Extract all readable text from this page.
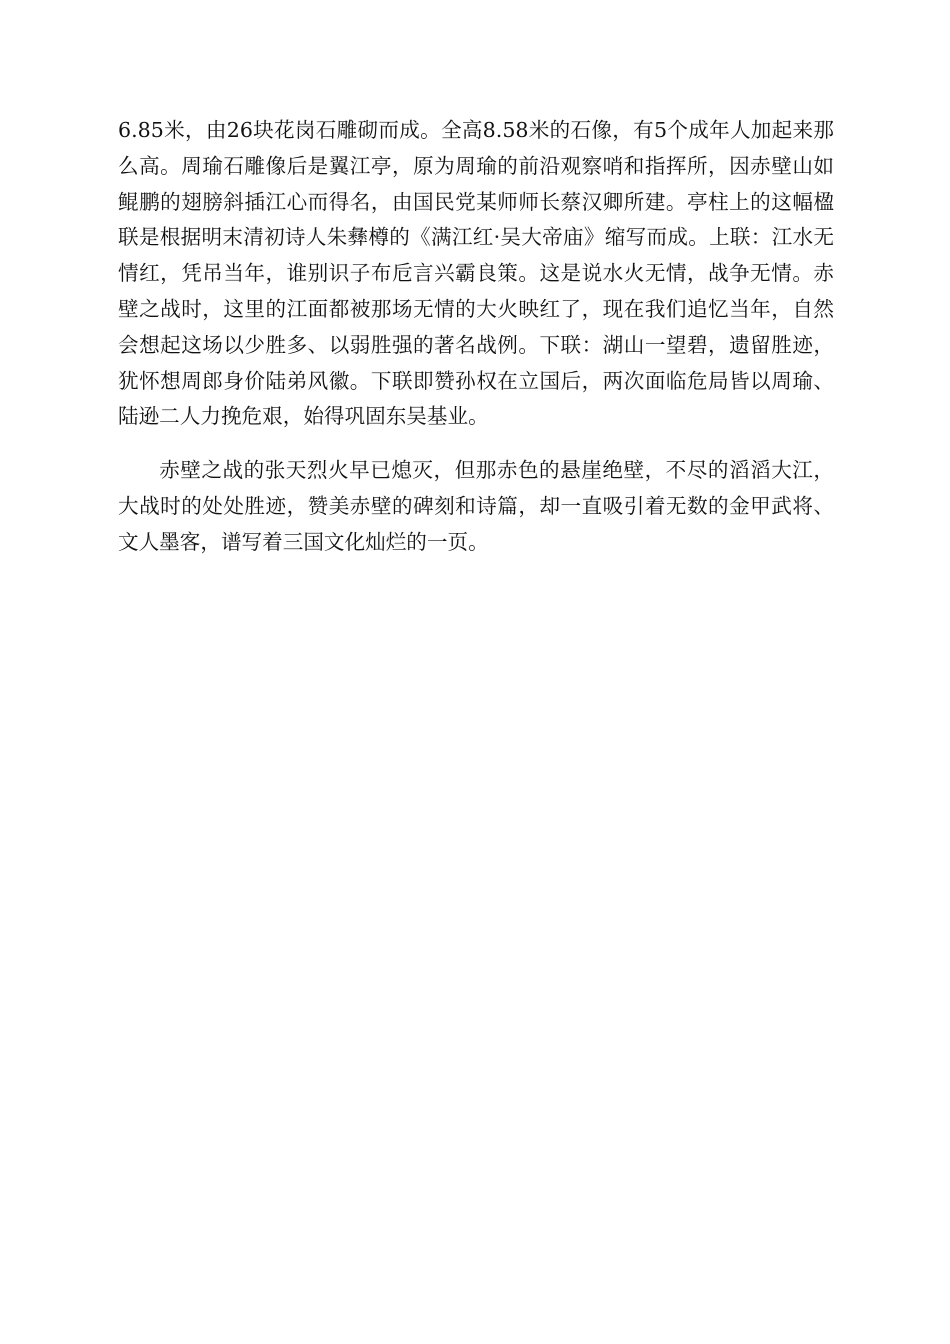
6.85米，由26块花岗石雕砌而成。全高8.58米的石像，有5个成年人加起来那么高。周瑜石雕像后是翼江亭，原为周瑜的前沿观察哨和指挥所，因赤壁山如鲲鹏的翅膀斜插江心而得名，由国民党某师师长蔡汉卿所建。亭柱上的这幅楹联是根据明末清初诗人朱彝樽的《满江红·吴大帝庙》缩写而成。上联：江水无情红，凭吊当年，谁别识子布卮言兴霸良策。这是说水火无情，战争无情。赤壁之战时，这里的江面都被那场无情的大火映红了，现在我们追忆当年，自然会想起这场以少胜多、以弱胜强的著名战例。下联：湖山一望碧，遗留胜迹，犹怀想周郎身价陆弟风徽。下联即赞孙权在立国后，两次面临危局皆以周瑜、陆逊二人力挽危艰，始得巩固东吴基业。

赤壁之战的张天烈火早已熄灭，但那赤色的悬崖绝壁，不尽的滔滔大江，大战时的处处胜迹，赞美赤壁的碑刻和诗篇，却一直吸引着无数的金甲武将、文人墨客，谱写着三国文化灿烂的一页。
